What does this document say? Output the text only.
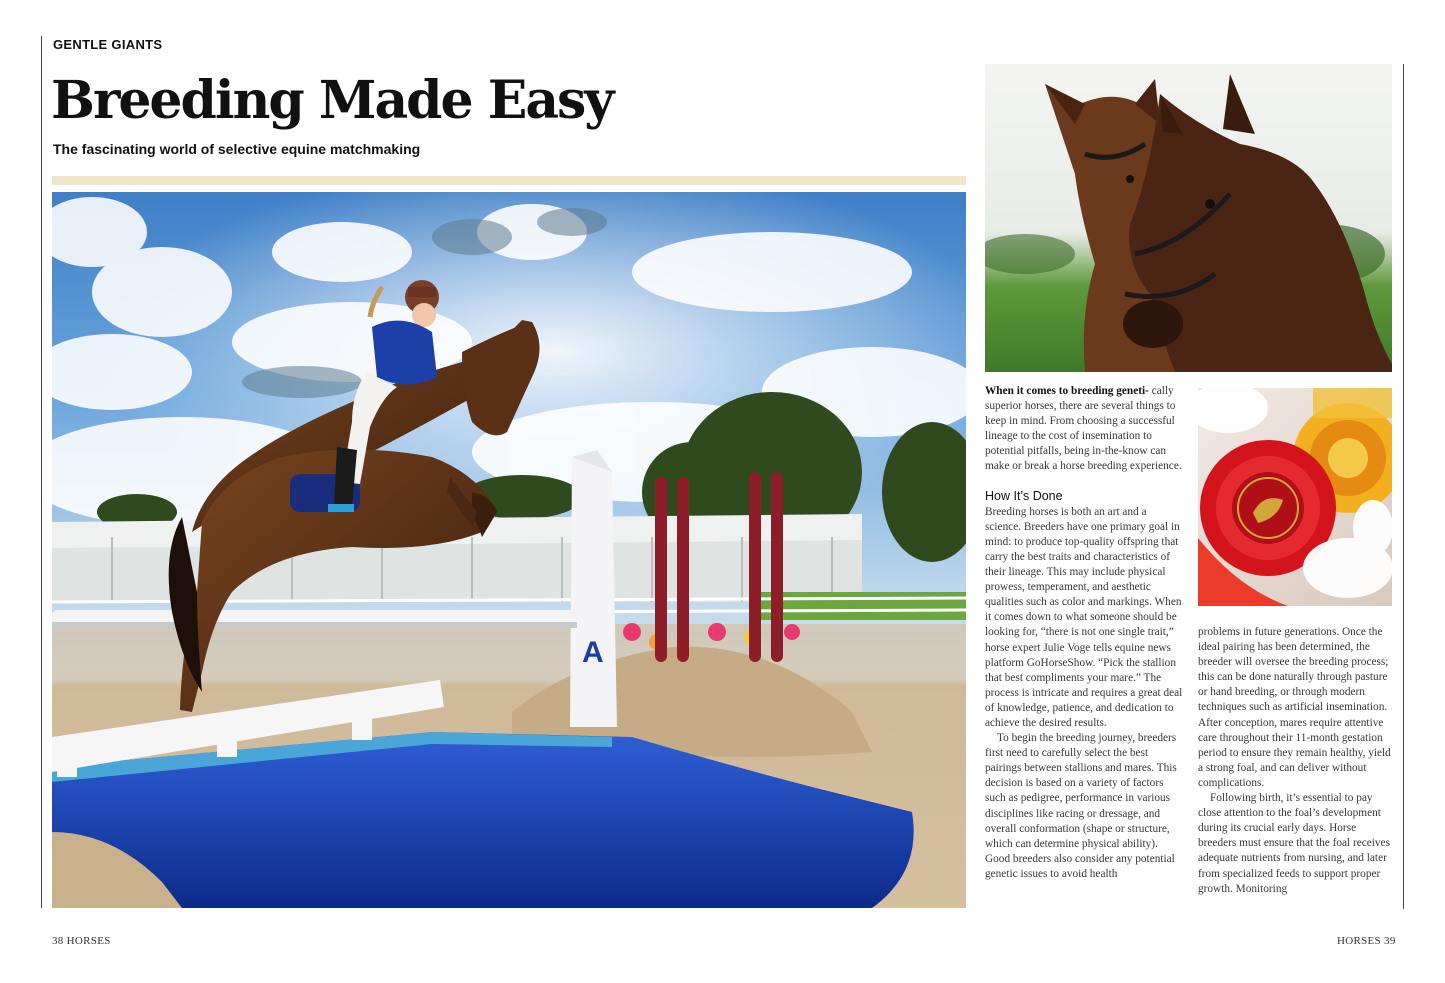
GENTLE GIANTS
Breeding Made Easy
The fascinating world of selective equine matchmaking
A

When it comes to breeding geneti- cally superior horses, there are several things to keep in mind. From choosing a successful lineage to the cost of insemination to potential pitfalls, being in-the-know can make or break a horse breeding experience.

How It’s Done

Breeding horses is both an art and a science. Breeders have one primary goal in mind: to produce top-quality offspring that carry the best traits and characteristics of their lineage. This may include physical prowess, temperament, and aesthetic qualities such as color and markings. When it comes down to what someone should be looking for, “there is not one single trait,” horse expert Julie Voge tells equine news platform GoHorseShow. “Pick the stallion that best compliments your mare.” The process is intricate and requires a great deal of knowledge, patience, and dedication to achieve the desired results.

To begin the breeding journey, breeders first need to carefully select the best pairings between stallions and mares. This decision is based on a variety of factors such as pedigree, performance in various disciplines like racing or dressage, and overall conformation (shape or structure, which can determine physical ability). Good breeders also consider any potential genetic issues to avoid health

problems in future generations. Once the ideal pairing has been determined, the breeder will oversee the breeding process; this can be done naturally through pasture or hand breeding, or through modern techniques such as artificial insemination. After conception, mares require attentive care throughout their 11-month gestation period to ensure they remain healthy, yield a strong foal, and can deliver without complications.

Following birth, it’s essential to pay close attention to the foal’s development during its crucial early days. Horse breeders must ensure that the foal receives adequate nutrients from nursing, and later from specialized feeds to support proper growth. Monitoring

38 HORSES	HORSES 39
